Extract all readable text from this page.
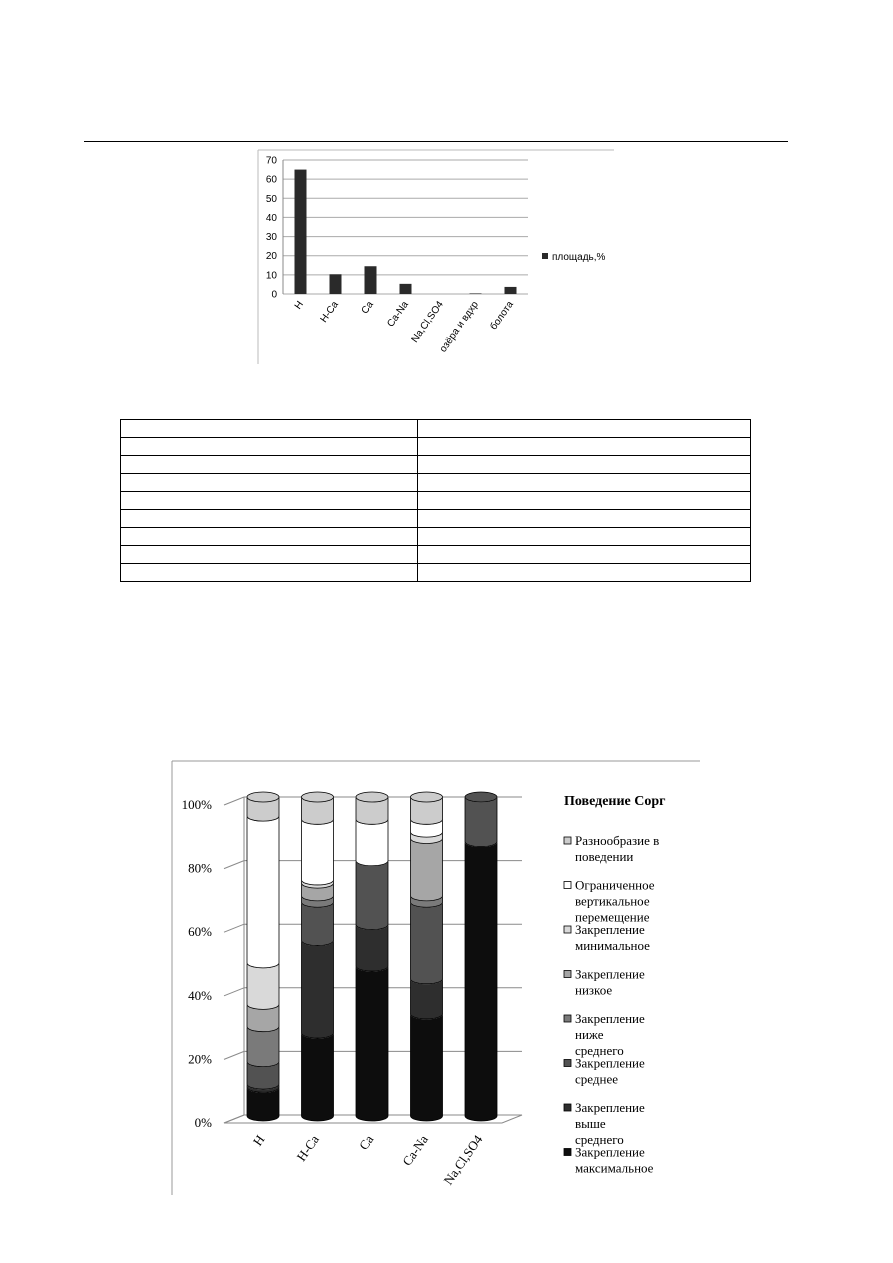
0
10
20
30
40
50
60
70
H H-Ca Ca Ca-Na
Na,Cl,SO4
озёра и вдхр болота
площадь,%

0%
20%
40%
60%
80%
100%
H H-Ca	Ca Ca-Na Na,Cl,SO4
Поведение Сорг
Разнообразие в поведении
Ограниченное вертикальное перемещение
Закрепление минимальное
Закрепление низкое
Закрепление ниже среднего
Закрепление среднее
Закрепление выше среднего
Закрепление максимальное
